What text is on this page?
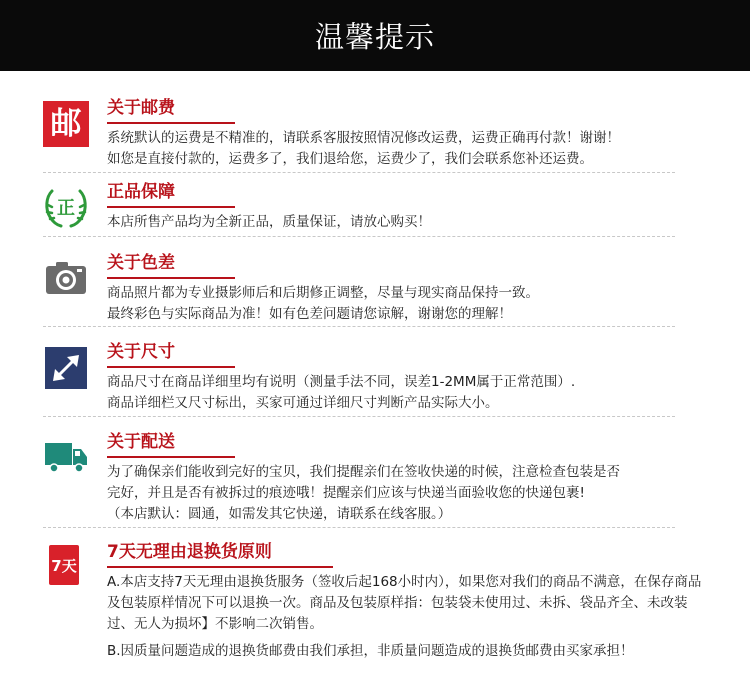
温馨提示
邮	关于邮费

系统默认的运费是不精准的，请联系客服按照情况修改运费，运费正确再付款！谢谢！

如您是直接付款的，运费多了，我们退给您，运费少了，我们会联系您补还运费。

正
正品保障

本店所售产品均为全新正品，质量保证，请放心购买！

关于色差

商品照片都为专业摄影师后和后期修正调整，尽量与现实商品保持一致。

最终彩色与实际商品为准！如有色差问题请您谅解，谢谢您的理解！

关于尺寸

商品尺寸在商品详细里均有说明（测量手法不同，误差1-2MM属于正常范围）.

商品详细栏又尺寸标出，买家可通过详细尺寸判断产品实际大小。

关于配送

为了确保亲们能收到完好的宝贝，我们提醒亲们在签收快递的时候，注意检查包装是否

完好，并且是否有被拆过的痕迹哦！提醒亲们应该与快递当面验收您的快递包裹!

（本店默认：圆通，如需发其它快递，请联系在线客服。）

7天
7天无理由退换货原则

A.本店支持7天无理由退换货服务（签收后起168小时内），如果您对我们的商品不满意，在保存商品及包装原样情况下可以退换一次。商品及包装原样指：包装袋未使用过、未拆、袋品齐全、未改装过、无人为损坏】不影响二次销售。

B.因质量问题造成的退换货邮费由我们承担，非质量问题造成的退换货邮费由买家承担！
